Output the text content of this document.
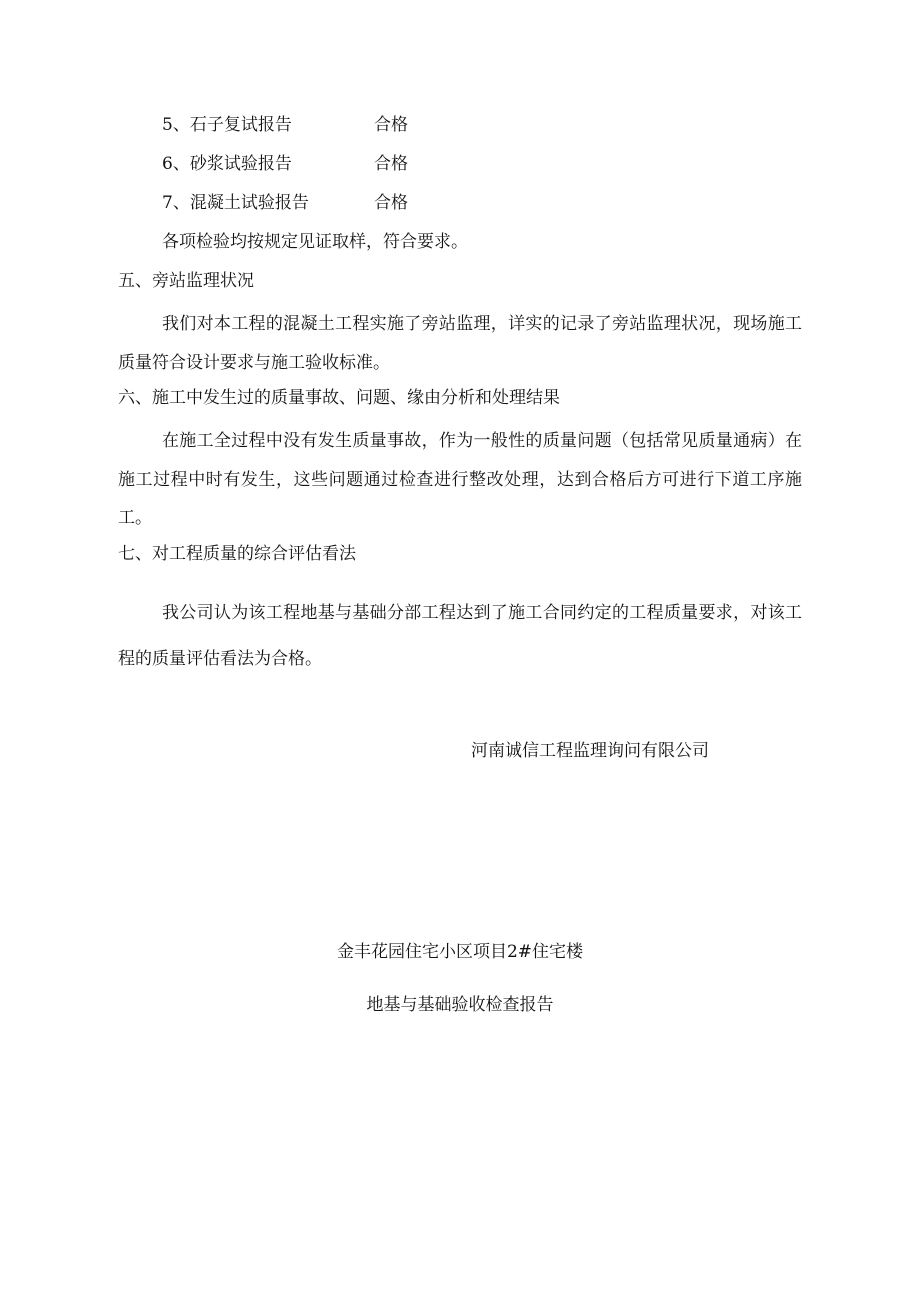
5、石子复试报告	合格
6、砂浆试验报告	合格
7、混凝土试验报告	合格
各项检验均按规定见证取样，符合要求。
五、旁站监理状况
我们对本工程的混凝土工程实施了旁站监理，详实的记录了旁站监理状况，现场施工质量符合设计要求与施工验收标准。
六、施工中发生过的质量事故、问题、缘由分析和处理结果
在施工全过程中没有发生质量事故，作为一般性的质量问题（包括常见质量通病）在施工过程中时有发生，这些问题通过检查进行整改处理，达到合格后方可进行下道工序施工。
七、对工程质量的综合评估看法
我公司认为该工程地基与基础分部工程达到了施工合同约定的工程质量要求，对该工程的质量评估看法为合格。
河南诚信工程监理询问有限公司
金丰花园住宅小区项目2#住宅楼
地基与基础验收检查报告
